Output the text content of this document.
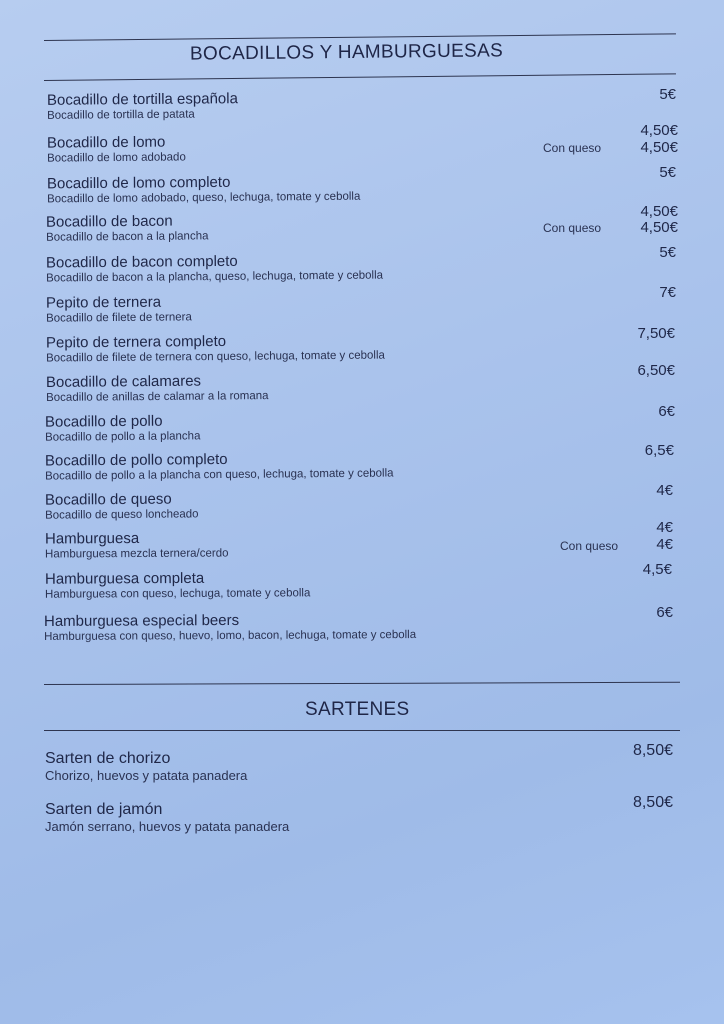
BOCADILLOS Y HAMBURGUESAS
Bocadillo de tortilla española
Bocadillo de tortilla de patata
5€
Bocadillo de lomo
Bocadillo de lomo adobado
4,50€
Con queso	4,50€
Bocadillo de lomo completo
Bocadillo de lomo adobado, queso, lechuga, tomate y cebolla
5€
Bocadillo de bacon
Bocadillo de bacon a la plancha
4,50€
Con queso	4,50€
Bocadillo de bacon completo
Bocadillo de bacon a la plancha, queso, lechuga, tomate y cebolla
5€
Pepito de ternera
Bocadillo de filete de ternera
7€
Pepito de ternera completo
Bocadillo de filete de ternera con queso, lechuga, tomate y cebolla
7,50€
Bocadillo de calamares
Bocadillo de anillas de calamar a la romana
6,50€
Bocadillo de pollo
Bocadillo de pollo a la plancha
6€
Bocadillo de pollo completo
Bocadillo de pollo a la plancha con queso, lechuga, tomate y cebolla
6,5€
Bocadillo de queso
Bocadillo de queso loncheado
4€
Hamburguesa
Hamburguesa mezcla ternera/cerdo
4€
Con queso	4€
Hamburguesa completa
Hamburguesa con queso, lechuga, tomate y cebolla
4,5€
Hamburguesa especial beers
Hamburguesa con queso, huevo, lomo, bacon, lechuga, tomate y cebolla
6€
SARTENES
Sarten de chorizo
Chorizo, huevos y patata panadera
8,50€
Sarten de jamón
Jamón serrano, huevos y patata panadera
8,50€
